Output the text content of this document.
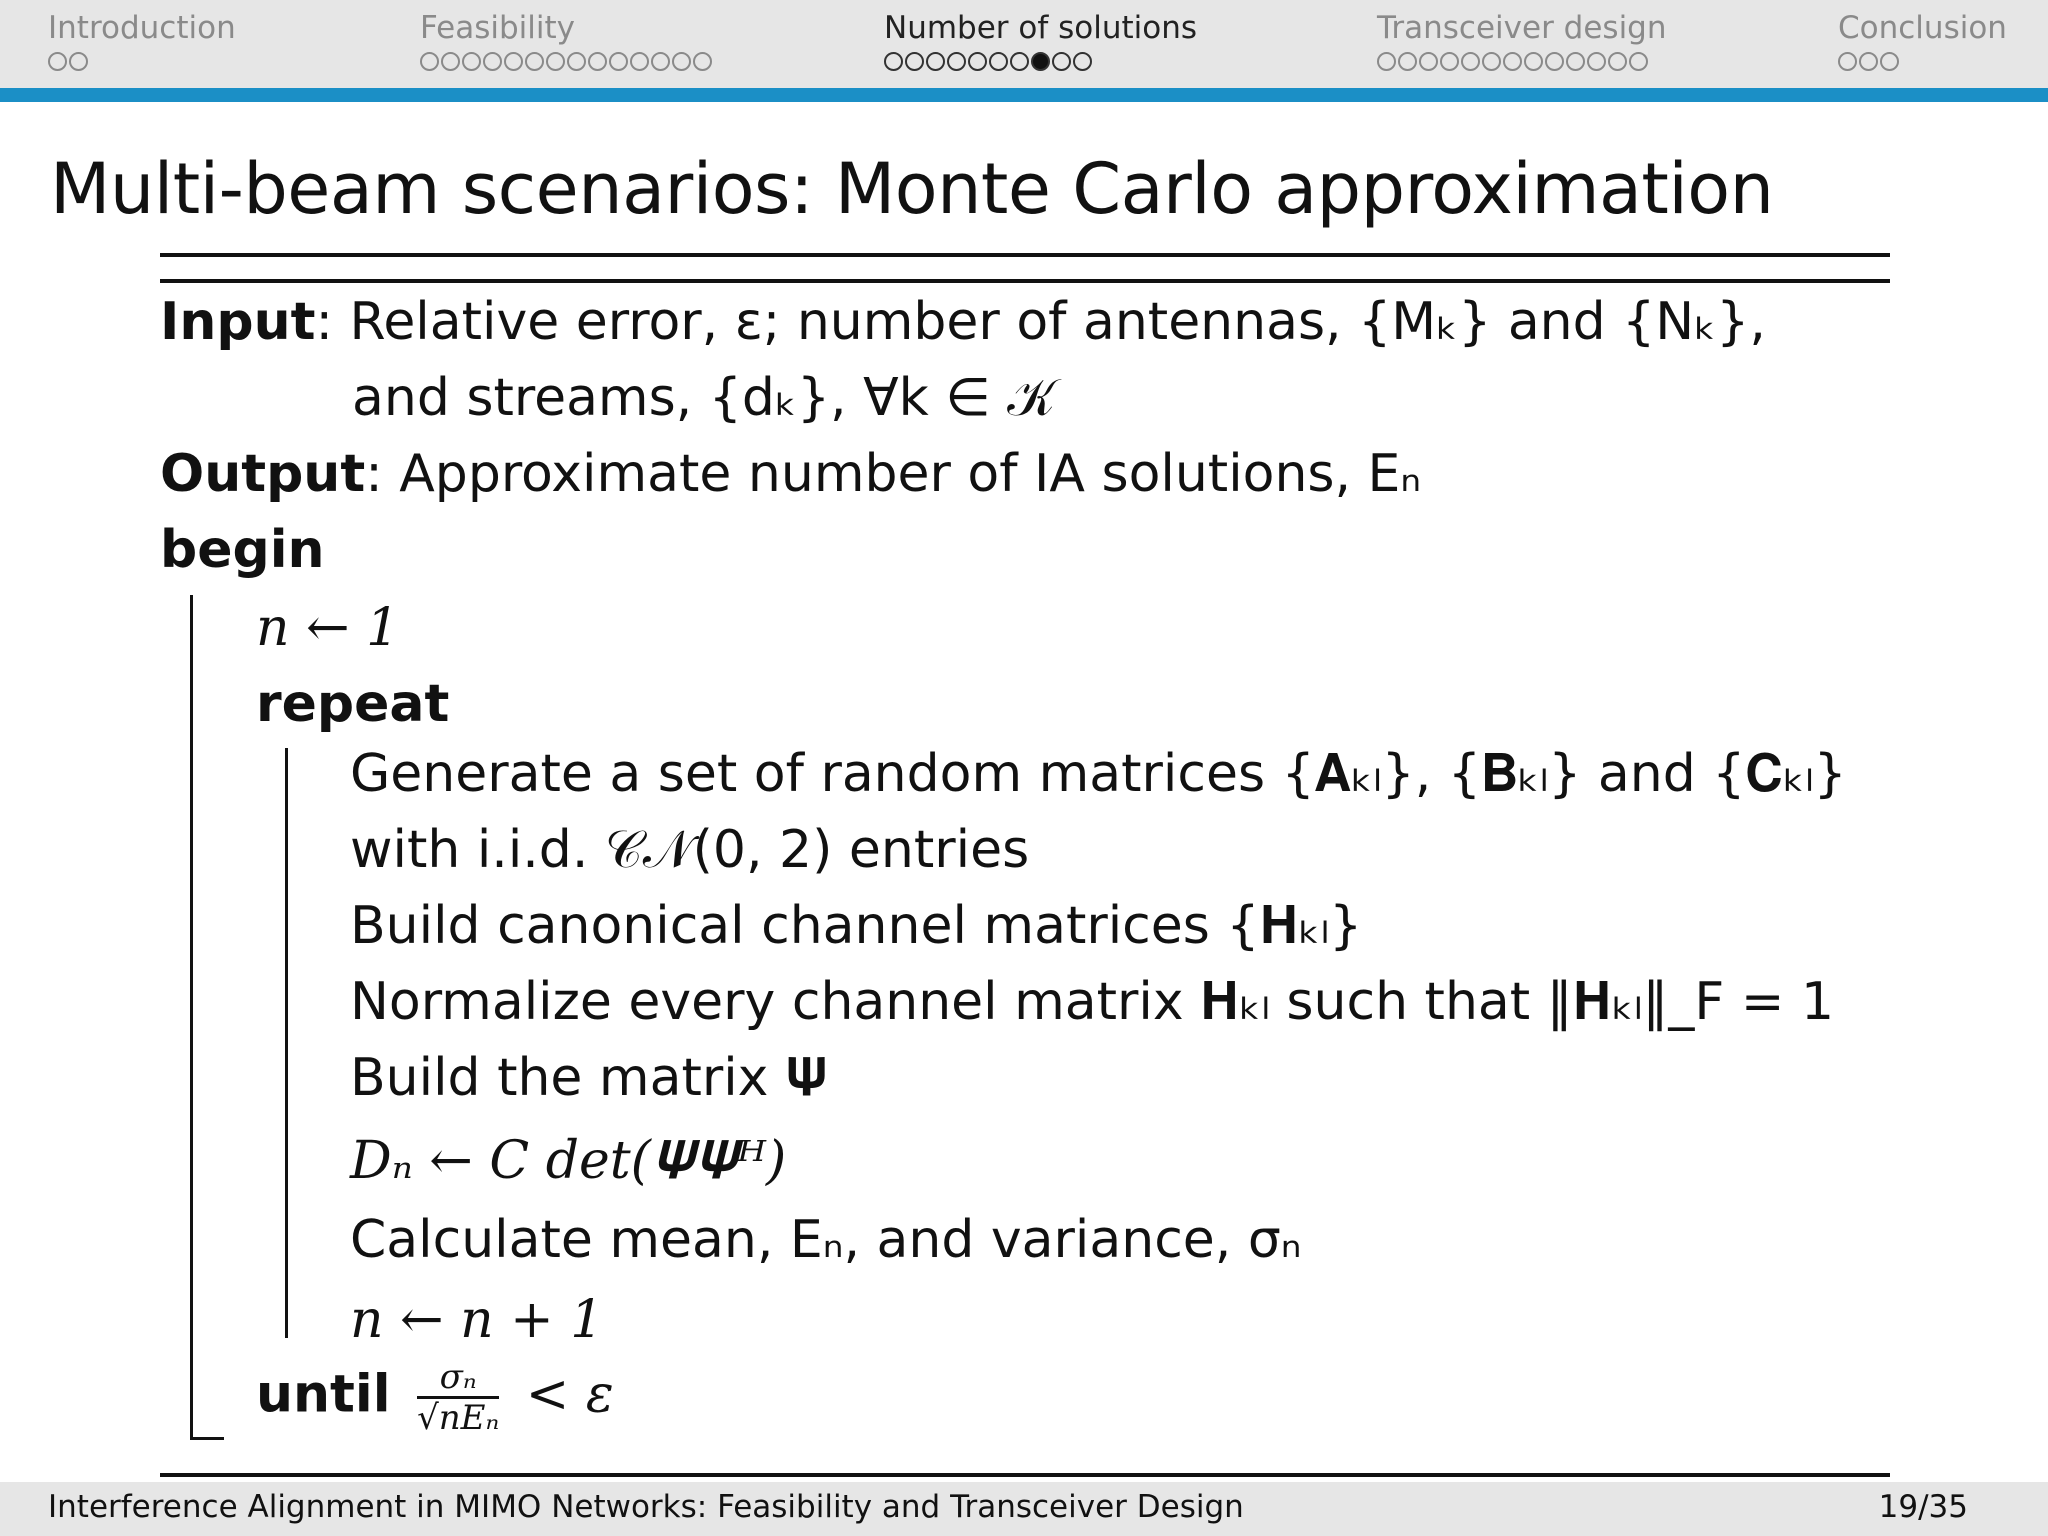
Introduction	Feasibility	Number of solutions	Transceiver design	Conclusion
Multi-beam scenarios: Monte Carlo approximation
Input: Relative error, ε; number of antennas, {Mₖ} and {Nₖ},
and streams, {dₖ}, ∀k ∈ 𝒦
Output: Approximate number of IA solutions, Eₙ
begin
n ← 1
repeat
Generate a set of random matrices {𝐀ₖₗ}, {𝐁ₖₗ} and {𝐂ₖₗ}
with i.i.d. 𝒞𝒩(0, 2) entries
Build canonical channel matrices {𝐇ₖₗ}
Normalize every channel matrix 𝐇ₖₗ such that ‖𝐇ₖₗ‖_F = 1
Build the matrix 𝚿
Dₙ ← C det(𝚿𝚿ᴴ)
Calculate mean, Eₙ, and variance, σₙ
n ← n + 1
until $\frac{\text{σₙ}}{\text{√nEₙ}} < \varepsilon$
Interference Alignment in MIMO Networks: Feasibility and Transceiver Design	19/35
